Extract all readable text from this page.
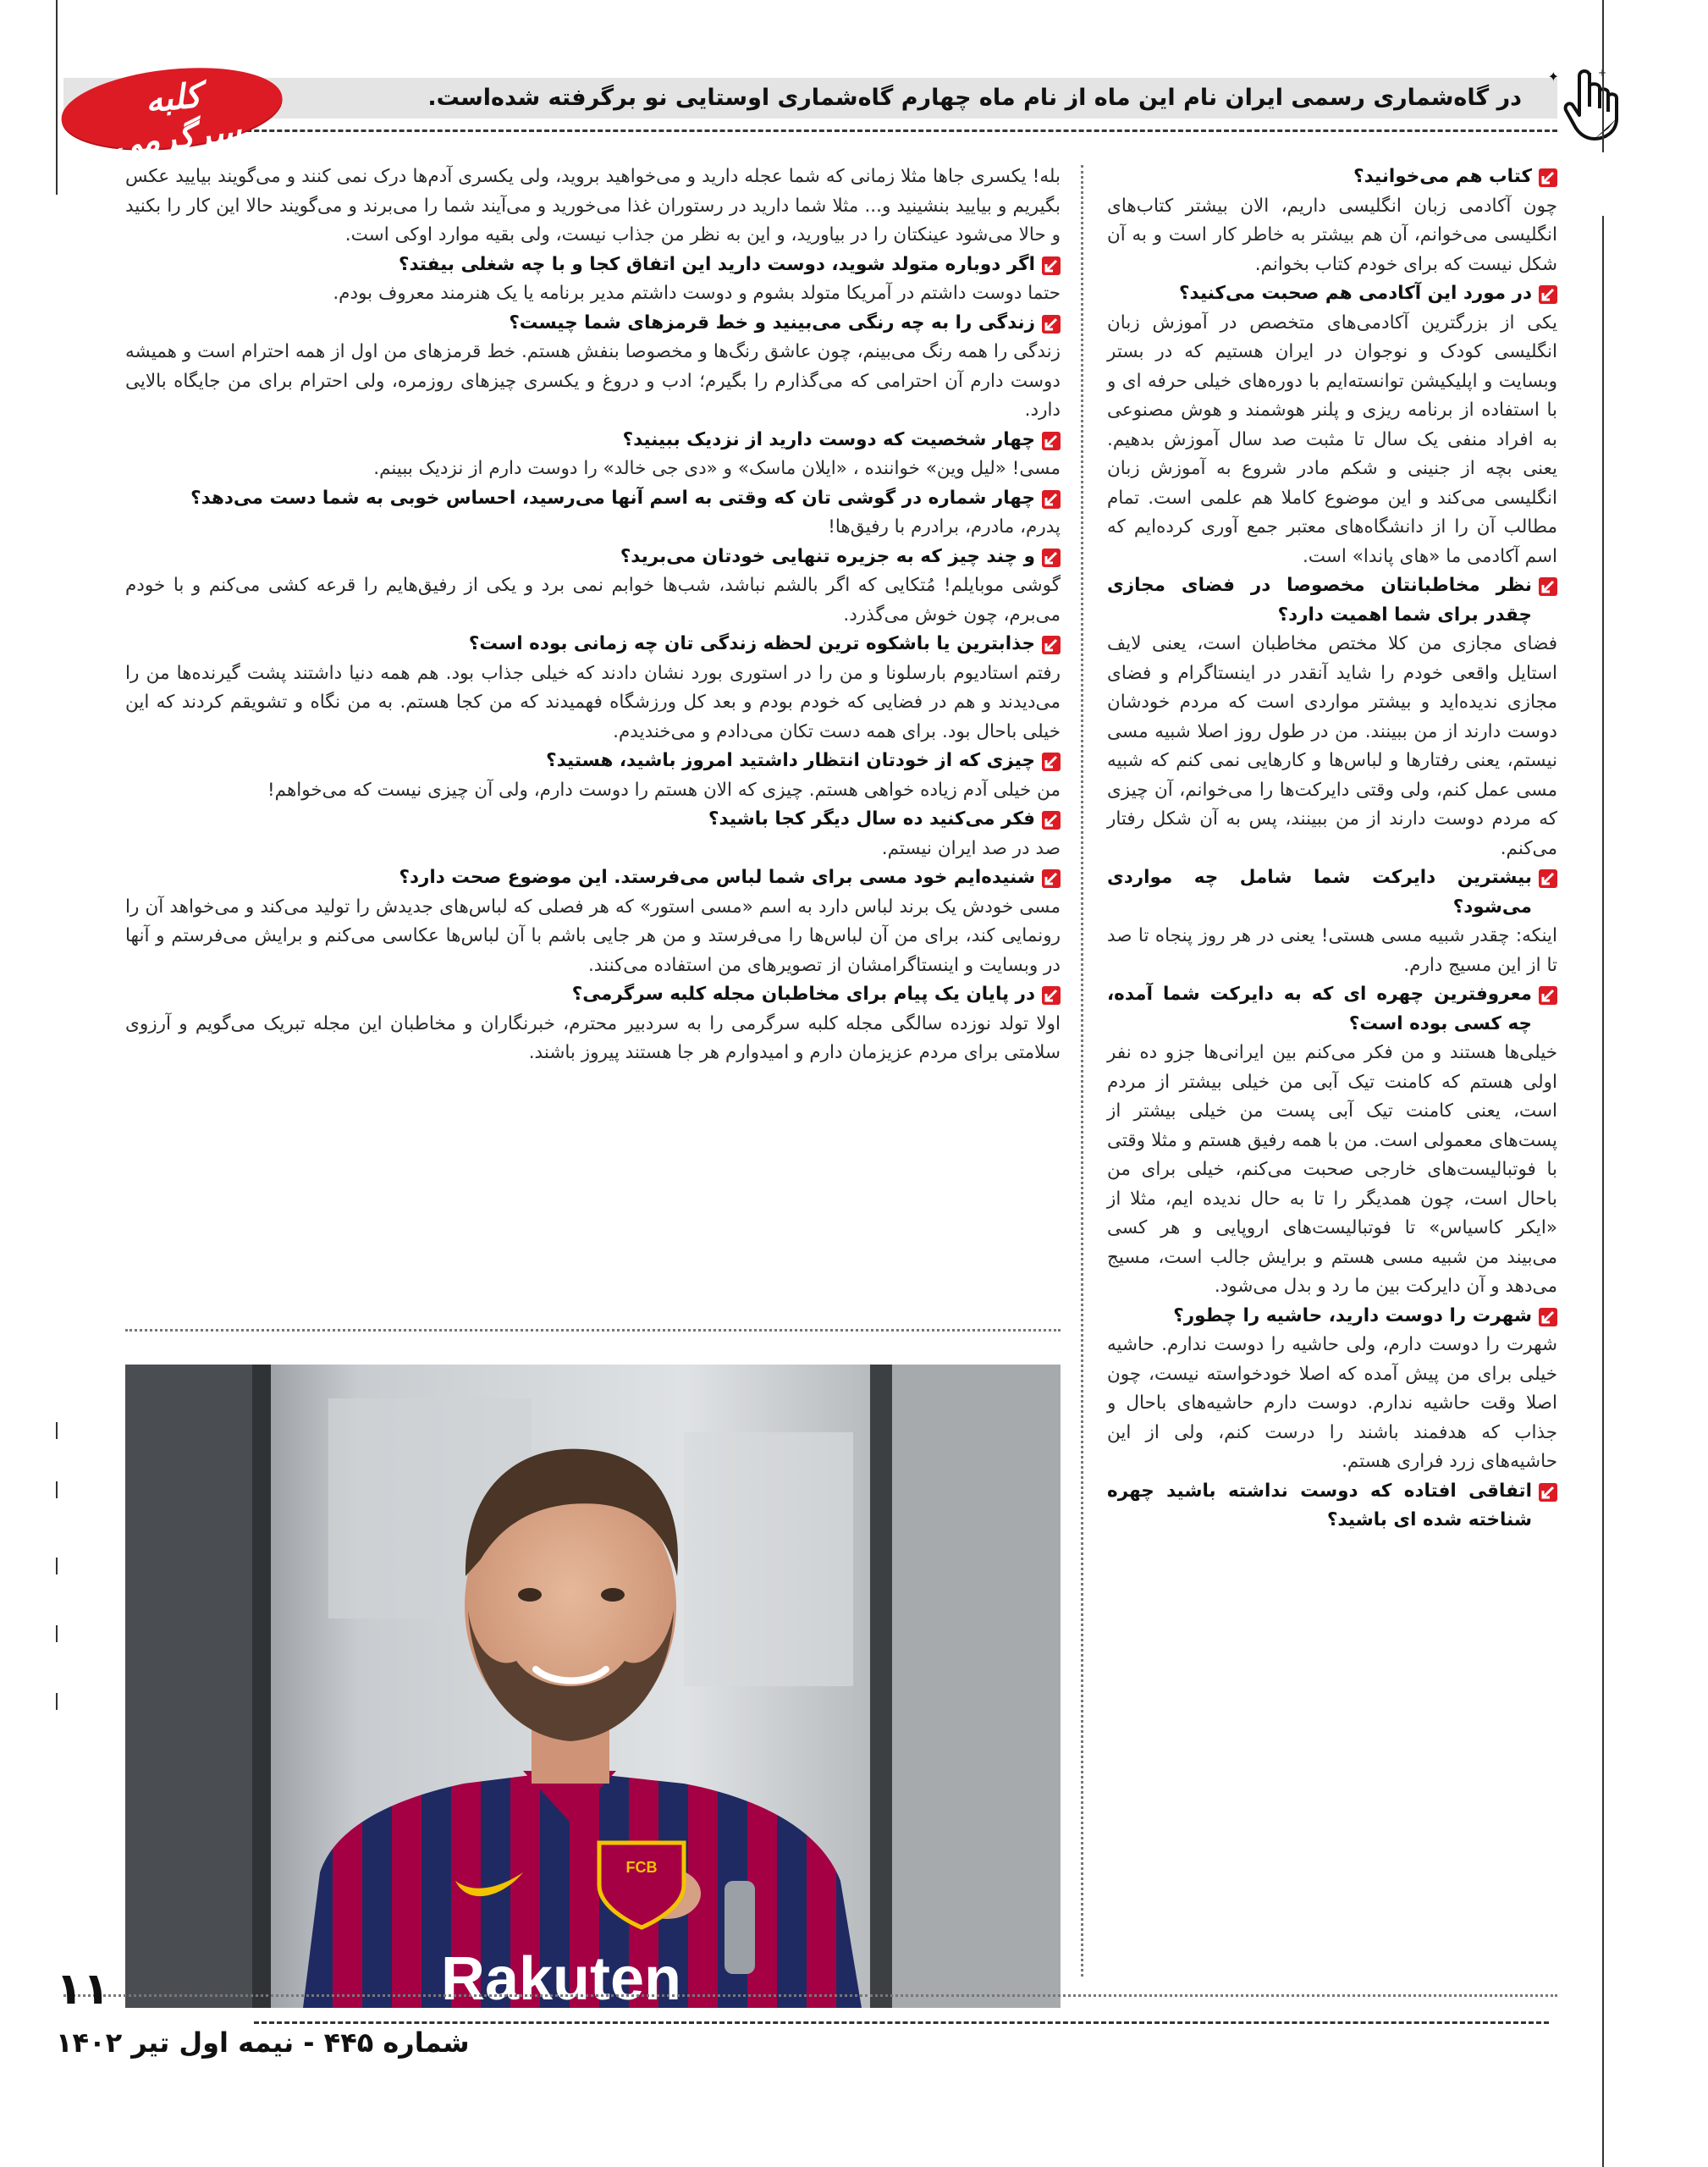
در گاه‌شماری رسمی ایران نام این ماه از نام ماه چهارم گاه‌شماری اوستایی نو برگرفته شده‌است.
کلبه سرگرمی
✦	+

کتاب هم می‌خوانید؟

چون آکادمی زبان انگلیسی داریم، الان بیشتر کتاب‌های انگلیسی می‌خوانم، آن هم بیشتر به خاطر کار است و به آن شکل نیست که برای خودم کتاب بخوانم.

در مورد این آکادمی هم صحبت می‌کنید؟

یکی از بزرگترین آکادمی‌های متخصص در آموزش زبان انگلیسی کودک و نوجوان در ایران هستیم که در بستر وبسایت و اپلیکیشن توانسته‌ایم با دوره‌های خیلی حرفه ای و با استفاده از برنامه ریزی و پلنر هوشمند و هوش مصنوعی به افراد منفی یک سال تا مثبت صد سال آموزش بدهیم. یعنی بچه از جنینی و شکم مادر شروع به آموزش زبان انگلیسی می‌کند و این موضوع کاملا هم علمی است. تمام مطالب آن را از دانشگاه‌های معتبر جمع آوری کرده‌ایم که اسم آکادمی ما «های پاندا» است.

نظر مخاطبانتان مخصوصا در فضای مجازی چقدر برای شما اهمیت دارد؟

فضای مجازی من کلا مختص مخاطبان است، یعنی لایف استایل واقعی خودم را شاید آنقدر در اینستاگرام و فضای مجازی ندیده‌اید و بیشتر مواردی است که مردم خودشان دوست دارند از من ببینند. من در طول روز اصلا شبیه مسی نیستم، یعنی رفتارها و لباس‌ها و کارهایی نمی کنم که شبیه مسی عمل کنم، ولی وقتی دایرکت‌ها را می‌خوانم، آن چیزی که مردم دوست دارند از من ببینند، پس به آن شکل رفتار می‌کنم.

بیشترین دایرکت شما شامل چه مواردی می‌شود؟

اینکه: چقدر شبیه مسی هستی! یعنی در هر روز پنجاه تا صد تا از این مسیج دارم.

معروفترین چهره ای که به دایرکت شما آمده، چه کسی بوده است؟

خیلی‌ها هستند و من فکر می‌کنم بین ایرانی‌ها جزو ده نفر اولی هستم که کامنت تیک آبی من خیلی بیشتر از مردم است، یعنی کامنت تیک آبی پست من خیلی بیشتر از پست‌های معمولی است. من با همه رفیق هستم و مثلا وقتی با فوتبالیست‌های خارجی صحبت می‌کنم، خیلی برای من باحال است، چون همدیگر را تا به حال ندیده ایم، مثلا از «ایکر کاسیاس» تا فوتبالیست‌های اروپایی و هر کسی می‌بیند من شبیه مسی هستم و برایش جالب است، مسیج می‌دهد و آن دایرکت بین ما رد و بدل می‌شود.

شهرت را دوست دارید، حاشیه را چطور؟

شهرت را دوست دارم، ولی حاشیه را دوست ندارم. حاشیه خیلی برای من پیش آمده که اصلا خودخواسته نیست، چون اصلا وقت حاشیه ندارم. دوست دارم حاشیه‌های باحال و جذاب که هدفمند باشند را درست کنم، ولی از این حاشیه‌های زرد فراری هستم.

اتفاقی افتاده که دوست نداشته باشید چهره شناخته شده ای باشید؟

بله! یکسری جاها مثلا زمانی که شما عجله دارید و می‌خواهید بروید، ولی یکسری آدم‌ها درک نمی کنند و می‌گویند بیایید عکس بگیریم و بیایید بنشینید و... مثلا شما دارید در رستوران غذا می‌خورید و می‌آیند شما را می‌برند و می‌گویند حالا این کار را بکنید و حالا می‌شود عینکتان را در بیاورید، و این به نظر من جذاب نیست، ولی بقیه موارد اوکی است.

اگر دوباره متولد شوید، دوست دارید این اتفاق کجا و با چه شغلی بیفتد؟

حتما دوست داشتم در آمریکا متولد بشوم و دوست داشتم مدیر برنامه یا یک هنرمند معروف بودم.

زندگی را به چه رنگی می‌بینید و خط قرمزهای شما چیست؟

زندگی را همه رنگ می‌بینم، چون عاشق رنگ‌ها و مخصوصا بنفش هستم. خط قرمزهای من اول از همه احترام است و همیشه دوست دارم آن احترامی که می‌گذارم را بگیرم؛ ادب و دروغ و یکسری چیزهای روزمره، ولی احترام برای من جایگاه بالایی دارد.

چهار شخصیت که دوست دارید از نزدیک ببینید؟

مسی! «لیل وین» خواننده ، «ایلان ماسک» و «دی جی خالد» را دوست دارم از نزدیک ببینم.

چهار شماره در گوشی تان که وقتی به اسم آنها می‌رسید، احساس خوبی به شما دست می‌دهد؟

پدرم، مادرم، برادرم با رفیق‌ها!

و چند چیز که به جزیره تنهایی خودتان می‌برید؟

گوشی موبایلم! مُتکایی که اگر بالشم نباشد، شب‌ها خوابم نمی برد و یکی از رفیق‌هایم را قرعه کشی می‌کنم و با خودم می‌برم، چون خوش می‌گذرد.

جذابترین یا باشکوه ترین لحظه زندگی تان چه زمانی بوده است؟

رفتم استادیوم بارسلونا و من را در استوری بورد نشان دادند که خیلی جذاب بود. هم همه دنیا داشتند پشت گیرنده‌ها من را می‌دیدند و هم در فضایی که خودم بودم و بعد کل ورزشگاه فهمیدند که من کجا هستم. به من نگاه و تشویقم کردند که این خیلی باحال بود. برای همه دست تکان می‌دادم و می‌خندیدم.

چیزی که از خودتان انتظار داشتید امروز باشید، هستید؟

من خیلی آدم زیاده خواهی هستم. چیزی که الان هستم را دوست دارم، ولی آن چیزی نیست که می‌خواهم!

فکر می‌کنید ده سال دیگر کجا باشید؟

صد در صد ایران نیستم.

شنیده‌ایم خود مسی برای شما لباس می‌فرستد. این موضوع صحت دارد؟

مسی خودش یک برند لباس دارد به اسم «مسی استور» که هر فصلی که لباس‌های جدیدش را تولید می‌کند و می‌خواهد آن را رونمایی کند، برای من آن لباس‌ها را می‌فرستد و من هر جایی باشم با آن لباس‌ها عکاسی می‌کنم و برایش می‌فرستم و آنها در وبسایت و اینستاگرامشان از تصویرهای من استفاده می‌کنند.

در پایان یک پیام برای مخاطبان مجله کلبه سرگرمی؟

اولا تولد نوزده سالگی مجله کلبه سرگرمی را به سردبیر محترم، خبرنگاران و مخاطبان این مجله تبریک می‌گویم و آرزوی سلامتی برای مردم عزیزمان دارم و امیدوارم هر جا هستند پیروز باشند.

FCB
Rakuten
۱۱
شماره ۴۴۵ - نیمه اول تیر ۱۴۰۲
